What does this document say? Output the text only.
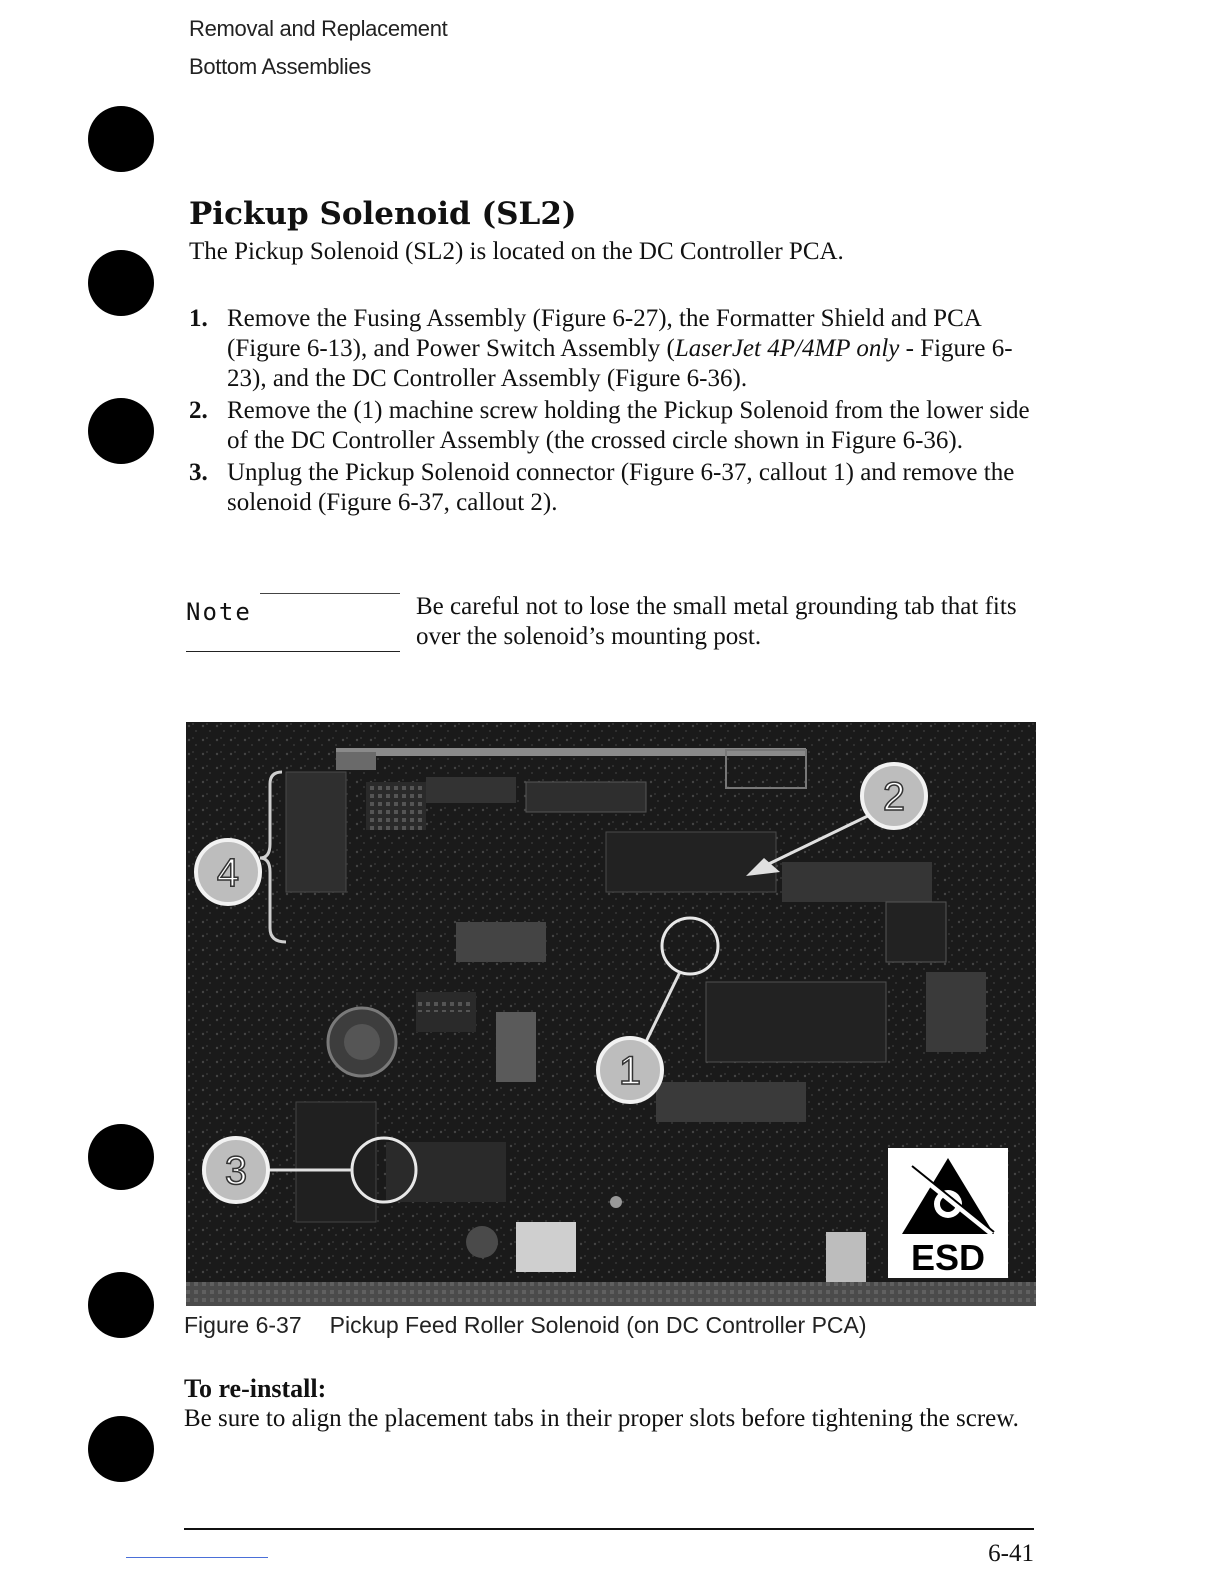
Removal and Replacement
Bottom Assemblies
Pickup Solenoid (SL2)
The Pickup Solenoid (SL2) is located on the DC Controller PCA.
1. Remove the Fusing Assembly (Figure 6-27), the Formatter Shield and PCA (Figure 6-13), and Power Switch Assembly (LaserJet 4P/4MP only - Figure 6-23), and the DC Controller Assembly (Figure 6-36).
2. Remove the (1) machine screw holding the Pickup Solenoid from the lower side of the DC Controller Assembly (the crossed circle shown in Figure 6-36).
3. Unplug the Pickup Solenoid connector (Figure 6-37, callout 1) and remove the solenoid (Figure 6-37, callout 2).
Note	Be careful not to lose the small metal grounding tab that fits over the solenoid’s mounting post.
1
2
3
4
ESD
Figure 6-37 Pickup Feed Roller Solenoid (on DC Controller PCA)
To re-install:
Be sure to align the placement tabs in their proper slots before tightening the screw.
6-41
